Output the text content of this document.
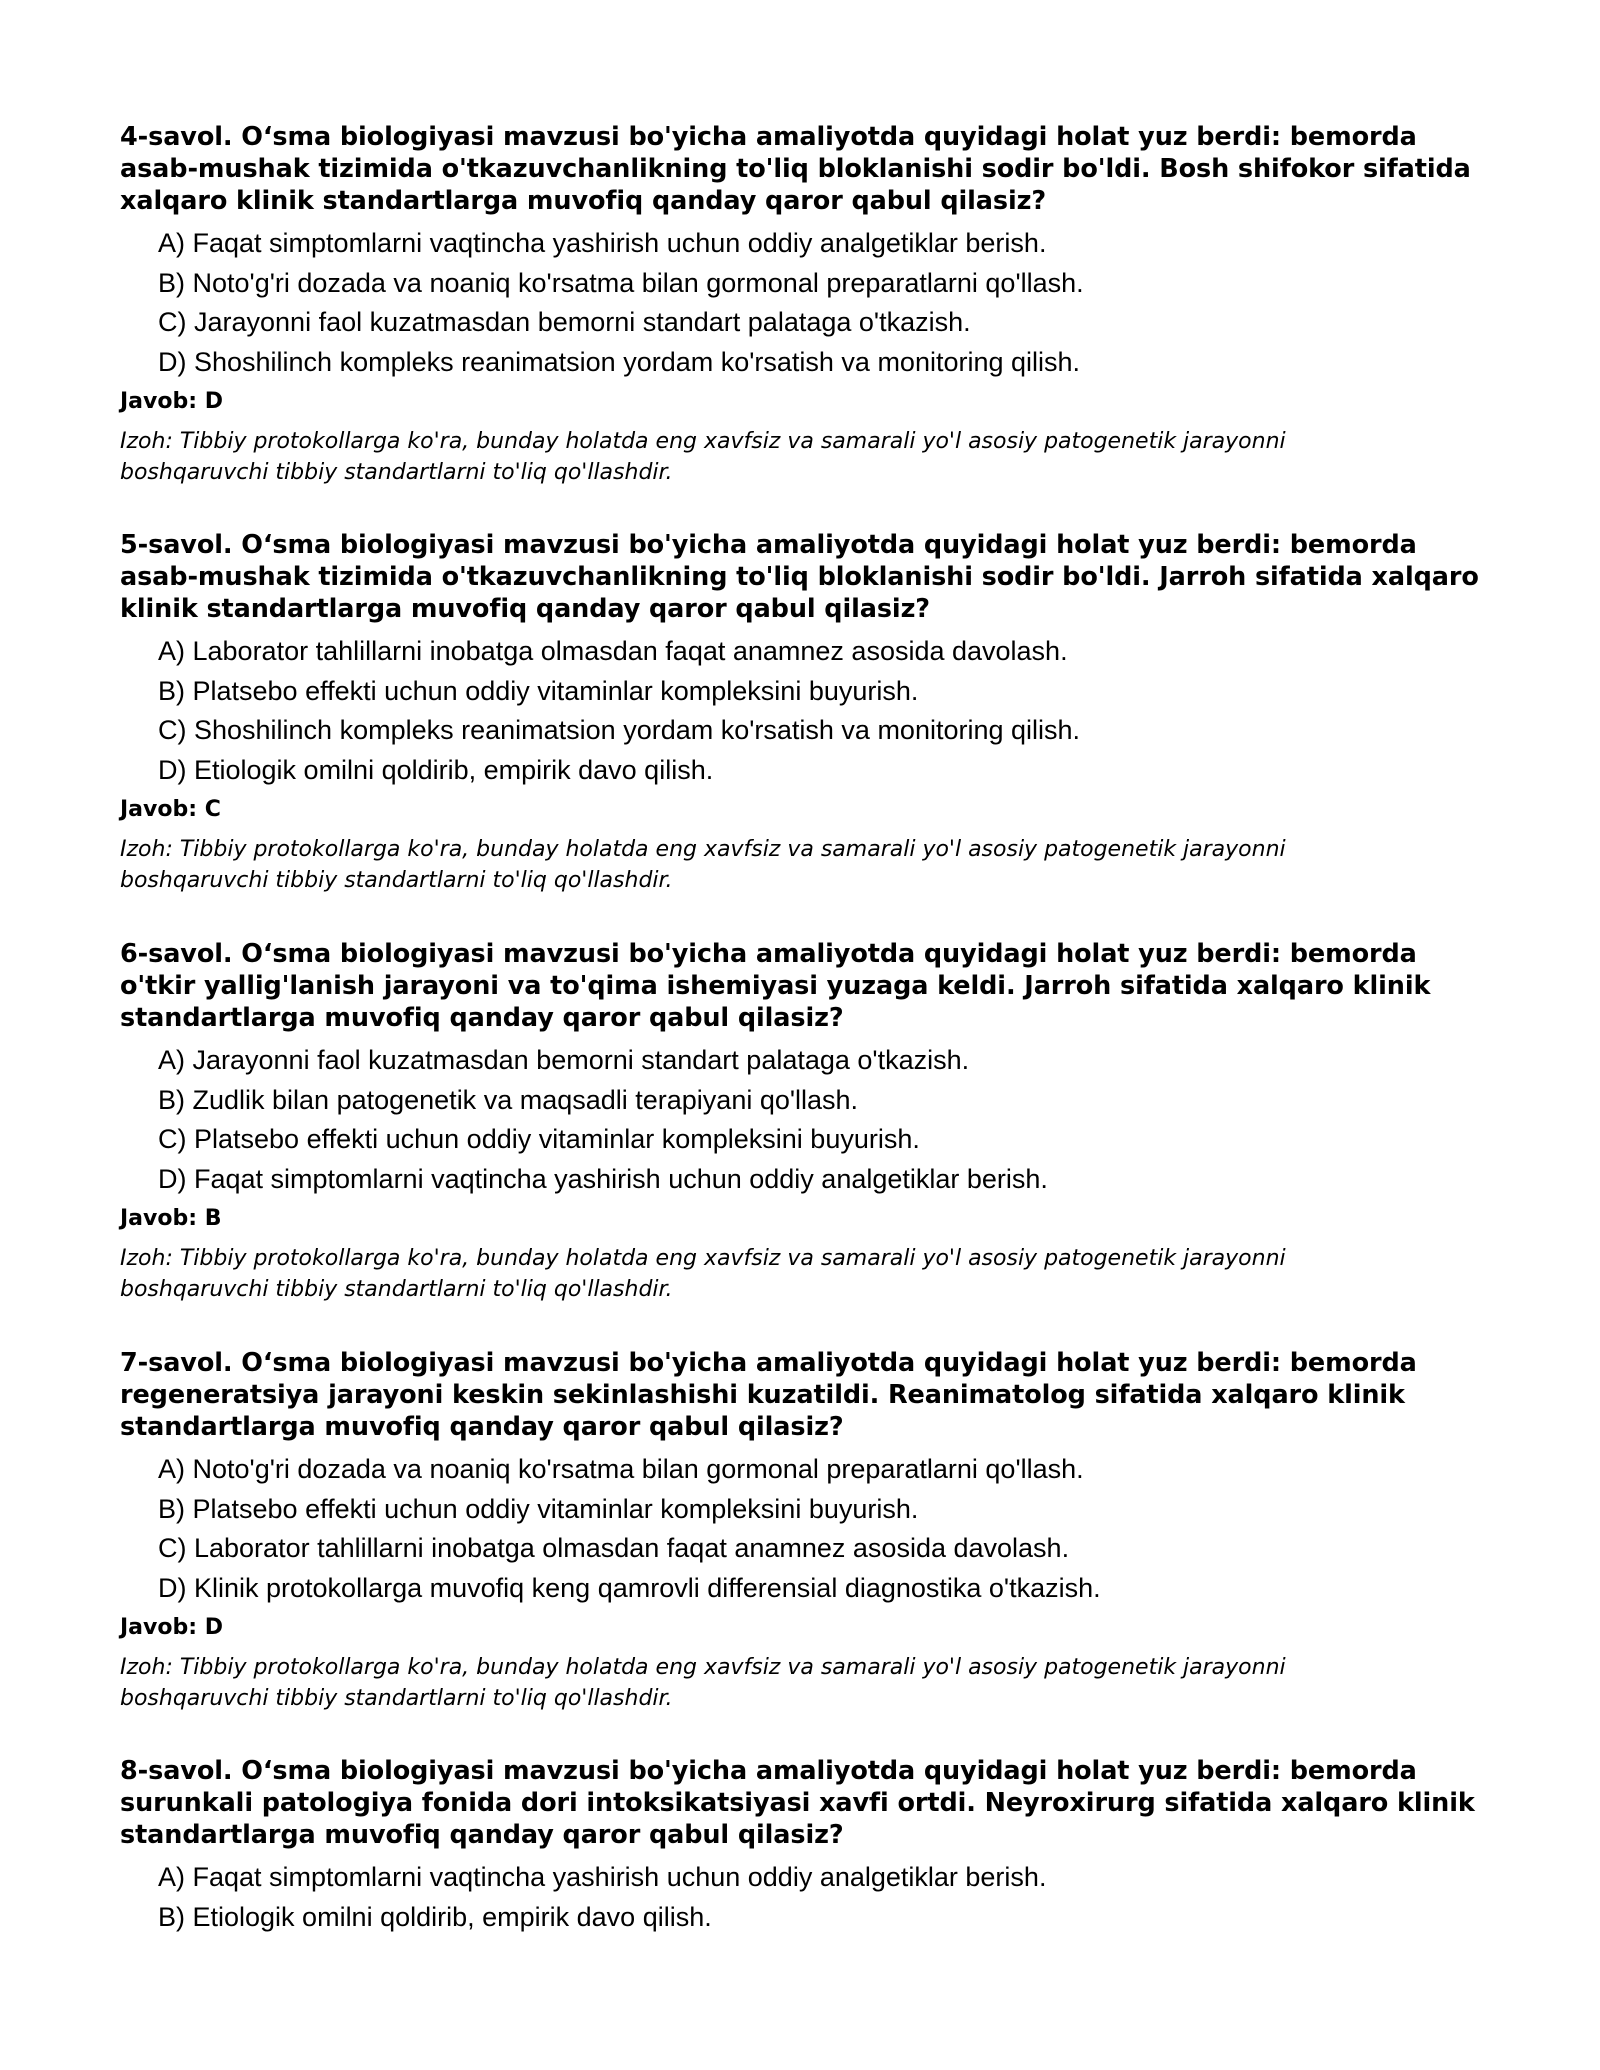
4-savol. O‘sma biologiyasi mavzusi bo'yicha amaliyotda quyidagi holat yuz berdi: bemorda asab-mushak tizimida o'tkazuvchanlikning to'liq bloklanishi sodir bo'ldi. Bosh shifokor sifatida xalqaro klinik standartlarga muvofiq qanday qaror qabul qilasiz?

A) Faqat simptomlarni vaqtincha yashirish uchun oddiy analgetiklar berish.
B) Noto'g'ri dozada va noaniq ko'rsatma bilan gormonal preparatlarni qo'llash.
C) Jarayonni faol kuzatmasdan bemorni standart palataga o'tkazish.
D) Shoshilinch kompleks reanimatsion yordam ko'rsatish va monitoring qilish.
Javob: D
Izoh: Tibbiy protokollarga ko'ra, bunday holatda eng xavfsiz va samarali yo'l asosiy patogenetik jarayonni boshqaruvchi tibbiy standartlarni to'liq qo'llashdir.

5-savol. O‘sma biologiyasi mavzusi bo'yicha amaliyotda quyidagi holat yuz berdi: bemorda asab-mushak tizimida o'tkazuvchanlikning to'liq bloklanishi sodir bo'ldi. Jarroh sifatida xalqaro klinik standartlarga muvofiq qanday qaror qabul qilasiz?

A) Laborator tahlillarni inobatga olmasdan faqat anamnez asosida davolash.
B) Platsebo effekti uchun oddiy vitaminlar kompleksini buyurish.
C) Shoshilinch kompleks reanimatsion yordam ko'rsatish va monitoring qilish.
D) Etiologik omilni qoldirib, empirik davo qilish.
Javob: C
Izoh: Tibbiy protokollarga ko'ra, bunday holatda eng xavfsiz va samarali yo'l asosiy patogenetik jarayonni boshqaruvchi tibbiy standartlarni to'liq qo'llashdir.

6-savol. O‘sma biologiyasi mavzusi bo'yicha amaliyotda quyidagi holat yuz berdi: bemorda o'tkir yallig'lanish jarayoni va to'qima ishemiyasi yuzaga keldi. Jarroh sifatida xalqaro klinik standartlarga muvofiq qanday qaror qabul qilasiz?

A) Jarayonni faol kuzatmasdan bemorni standart palataga o'tkazish.
B) Zudlik bilan patogenetik va maqsadli terapiyani qo'llash.
C) Platsebo effekti uchun oddiy vitaminlar kompleksini buyurish.
D) Faqat simptomlarni vaqtincha yashirish uchun oddiy analgetiklar berish.
Javob: B
Izoh: Tibbiy protokollarga ko'ra, bunday holatda eng xavfsiz va samarali yo'l asosiy patogenetik jarayonni boshqaruvchi tibbiy standartlarni to'liq qo'llashdir.

7-savol. O‘sma biologiyasi mavzusi bo'yicha amaliyotda quyidagi holat yuz berdi: bemorda regeneratsiya jarayoni keskin sekinlashishi kuzatildi. Reanimatolog sifatida xalqaro klinik standartlarga muvofiq qanday qaror qabul qilasiz?

A) Noto'g'ri dozada va noaniq ko'rsatma bilan gormonal preparatlarni qo'llash.
B) Platsebo effekti uchun oddiy vitaminlar kompleksini buyurish.
C) Laborator tahlillarni inobatga olmasdan faqat anamnez asosida davolash.
D) Klinik protokollarga muvofiq keng qamrovli differensial diagnostika o'tkazish.
Javob: D
Izoh: Tibbiy protokollarga ko'ra, bunday holatda eng xavfsiz va samarali yo'l asosiy patogenetik jarayonni boshqaruvchi tibbiy standartlarni to'liq qo'llashdir.

8-savol. O‘sma biologiyasi mavzusi bo'yicha amaliyotda quyidagi holat yuz berdi: bemorda surunkali patologiya fonida dori intoksikatsiyasi xavfi ortdi. Neyroxirurg sifatida xalqaro klinik standartlarga muvofiq qanday qaror qabul qilasiz?

A) Faqat simptomlarni vaqtincha yashirish uchun oddiy analgetiklar berish.
B) Etiologik omilni qoldirib, empirik davo qilish.
